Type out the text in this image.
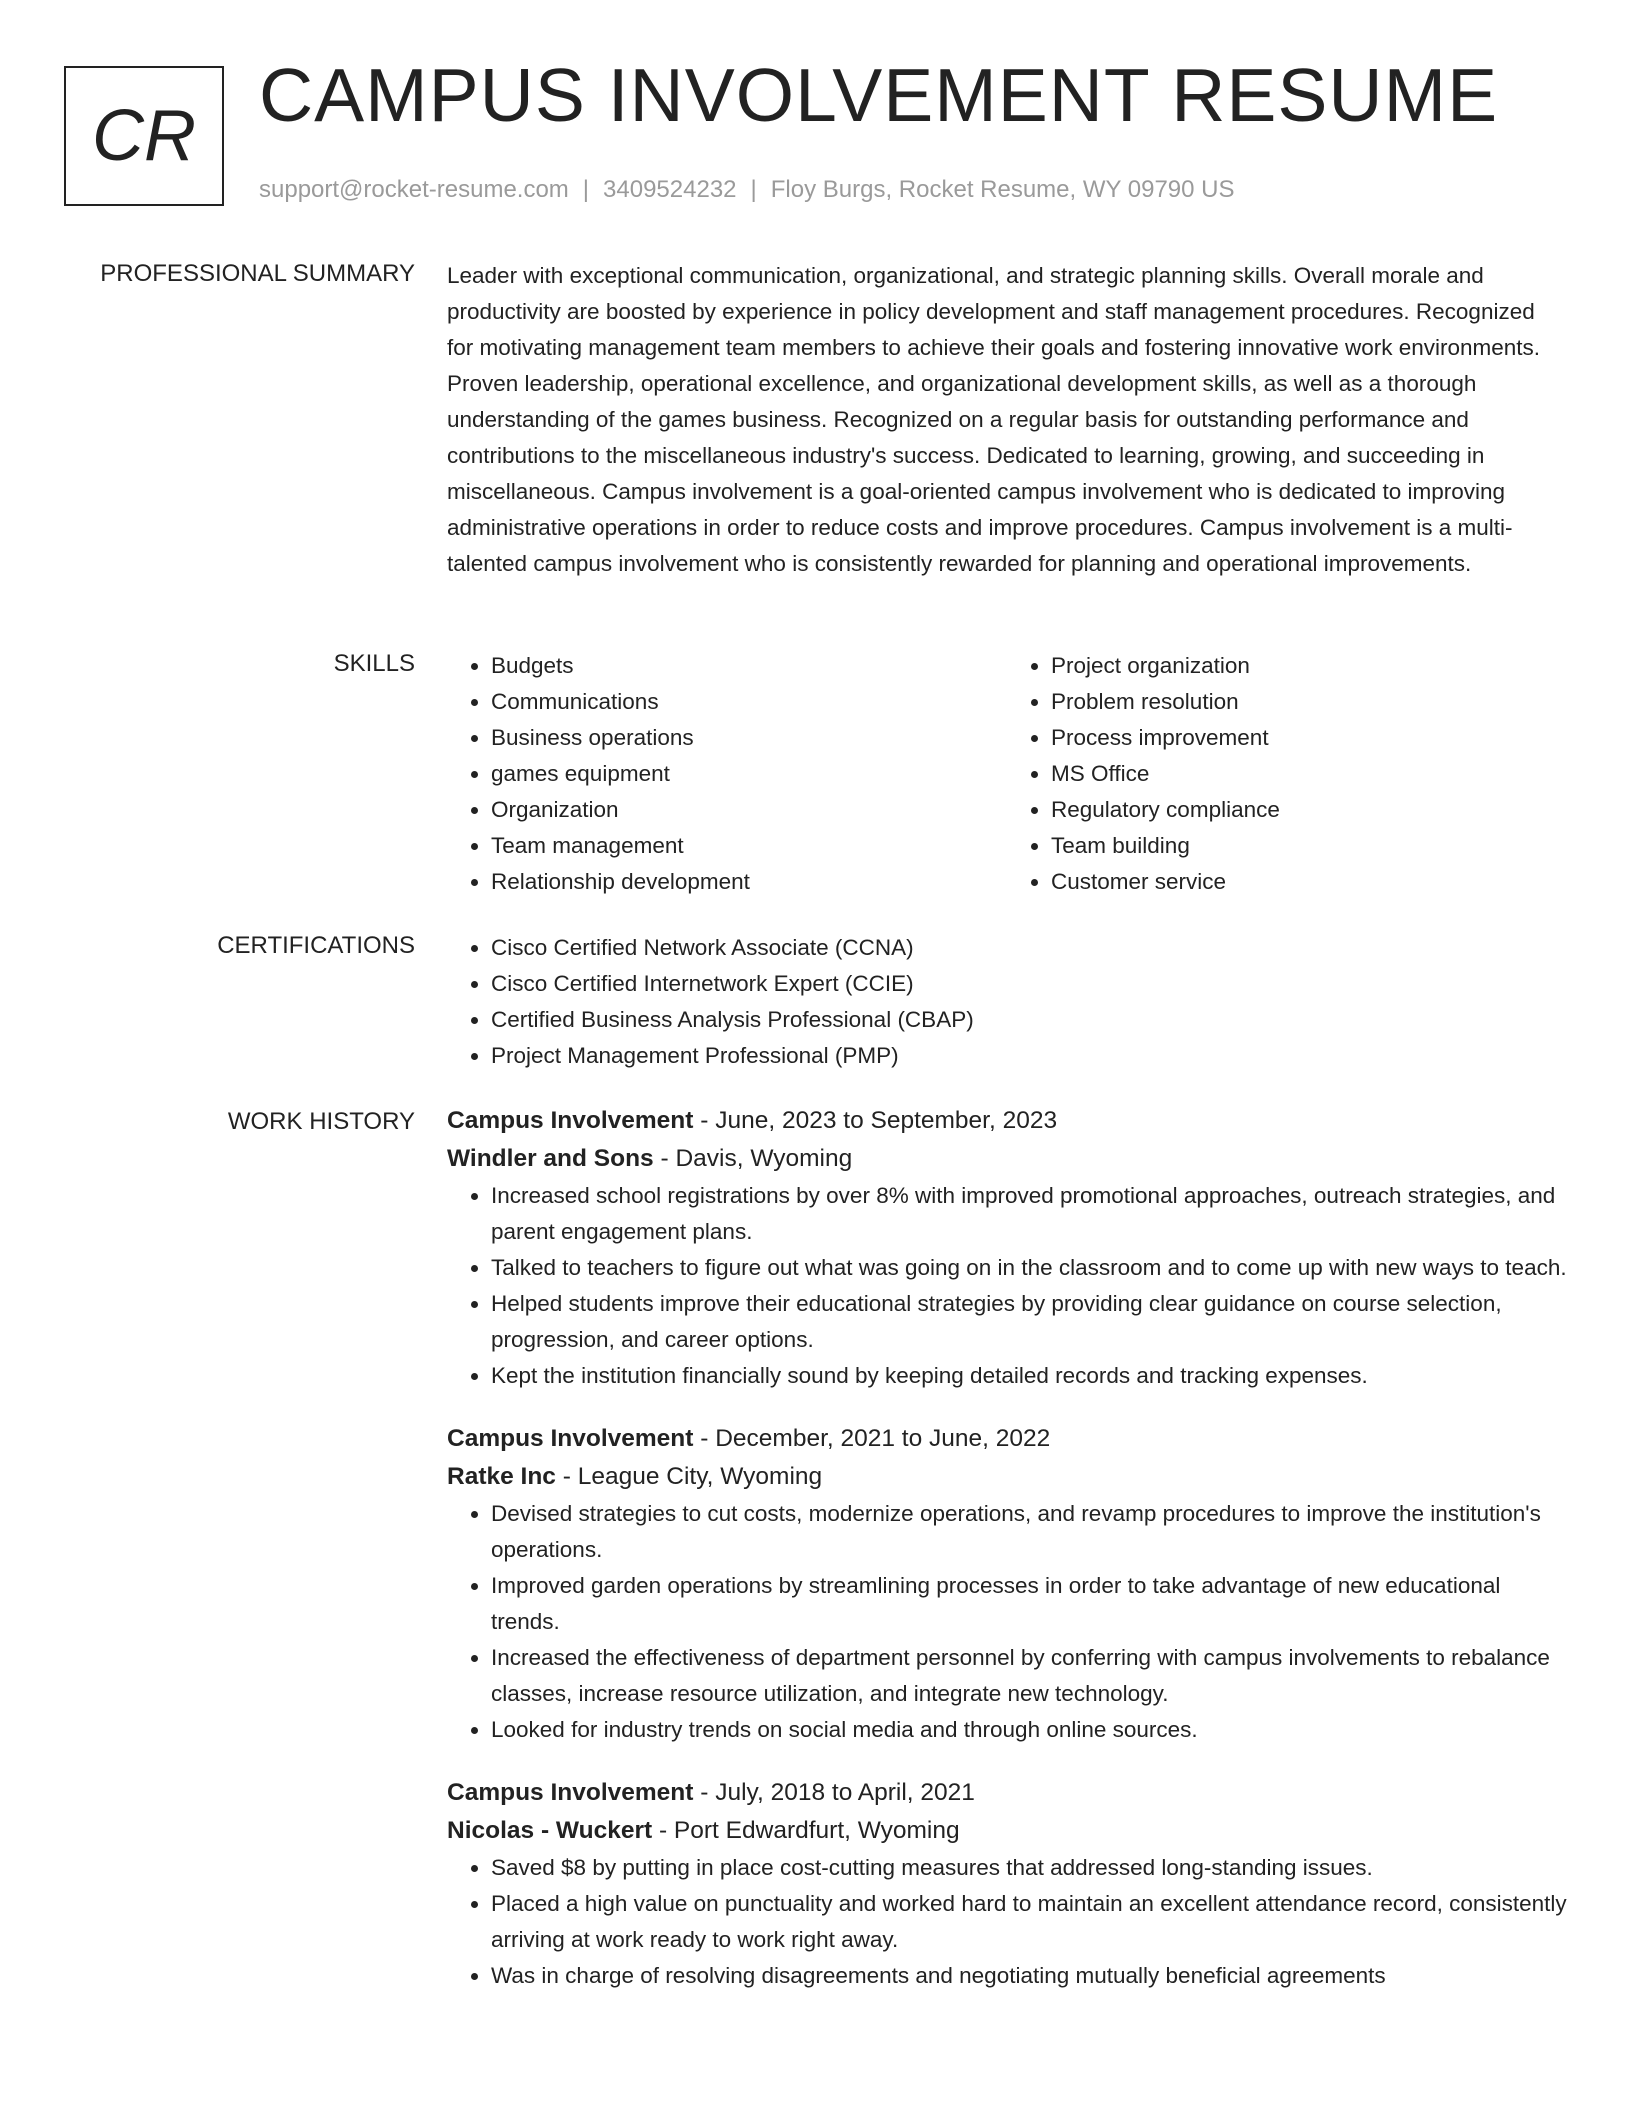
CR CAMPUS INVOLVEMENT RESUME
support@rocket-resume.com | 3409524232 | Floy Burgs, Rocket Resume, WY 09790 US
PROFESSIONAL SUMMARY Leader with exceptional communication, organizational, and strategic planning skills. Overall morale and productivity are boosted by experience in policy development and staff management procedures. Recognized for motivating management team members to achieve their goals and fostering innovative work environments. Proven leadership, operational excellence, and organizational development skills, as well as a thorough understanding of the games business. Recognized on a regular basis for outstanding performance and contributions to the miscellaneous industry's success. Dedicated to learning, growing, and succeeding in miscellaneous. Campus involvement is a goal-oriented campus involvement who is dedicated to improving administrative operations in order to reduce costs and improve procedures. Campus involvement is a multi-talented campus involvement who is consistently rewarded for planning and operational improvements.
SKILLS	• Budgets
• Communications
• Business operations
• games equipment
• Organization
• Team management
• Relationship development
• Project organization
• Problem resolution
• Process improvement
• MS Office
• Regulatory compliance
• Team building
• Customer service
CERTIFICATIONS	• Cisco Certified Network Associate (CCNA)
• Cisco Certified Internetwork Expert (CCIE)
• Certified Business Analysis Professional (CBAP)
• Project Management Professional (PMP)
WORK HISTORY Campus Involvement - June, 2023 to September, 2023
Windler and Sons - Davis, Wyoming
• Increased school registrations by over 8% with improved promotional approaches, outreach strategies, and parent engagement plans.
• Talked to teachers to figure out what was going on in the classroom and to come up with new ways to teach.
• Helped students improve their educational strategies by providing clear guidance on course selection, progression, and career options.
• Kept the institution financially sound by keeping detailed records and tracking expenses.
Campus Involvement - December, 2021 to June, 2022
Ratke Inc - League City, Wyoming
• Devised strategies to cut costs, modernize operations, and revamp procedures to improve the institution's operations.
• Improved garden operations by streamlining processes in order to take advantage of new educational trends.
• Increased the effectiveness of department personnel by conferring with campus involvements to rebalance classes, increase resource utilization, and integrate new technology.
• Looked for industry trends on social media and through online sources.
Campus Involvement - July, 2018 to April, 2021
Nicolas - Wuckert - Port Edwardfurt, Wyoming
• Saved $8 by putting in place cost-cutting measures that addressed long-standing issues.
• Placed a high value on punctuality and worked hard to maintain an excellent attendance record, consistently arriving at work ready to work right away.
• Was in charge of resolving disagreements and negotiating mutually beneficial agreements
